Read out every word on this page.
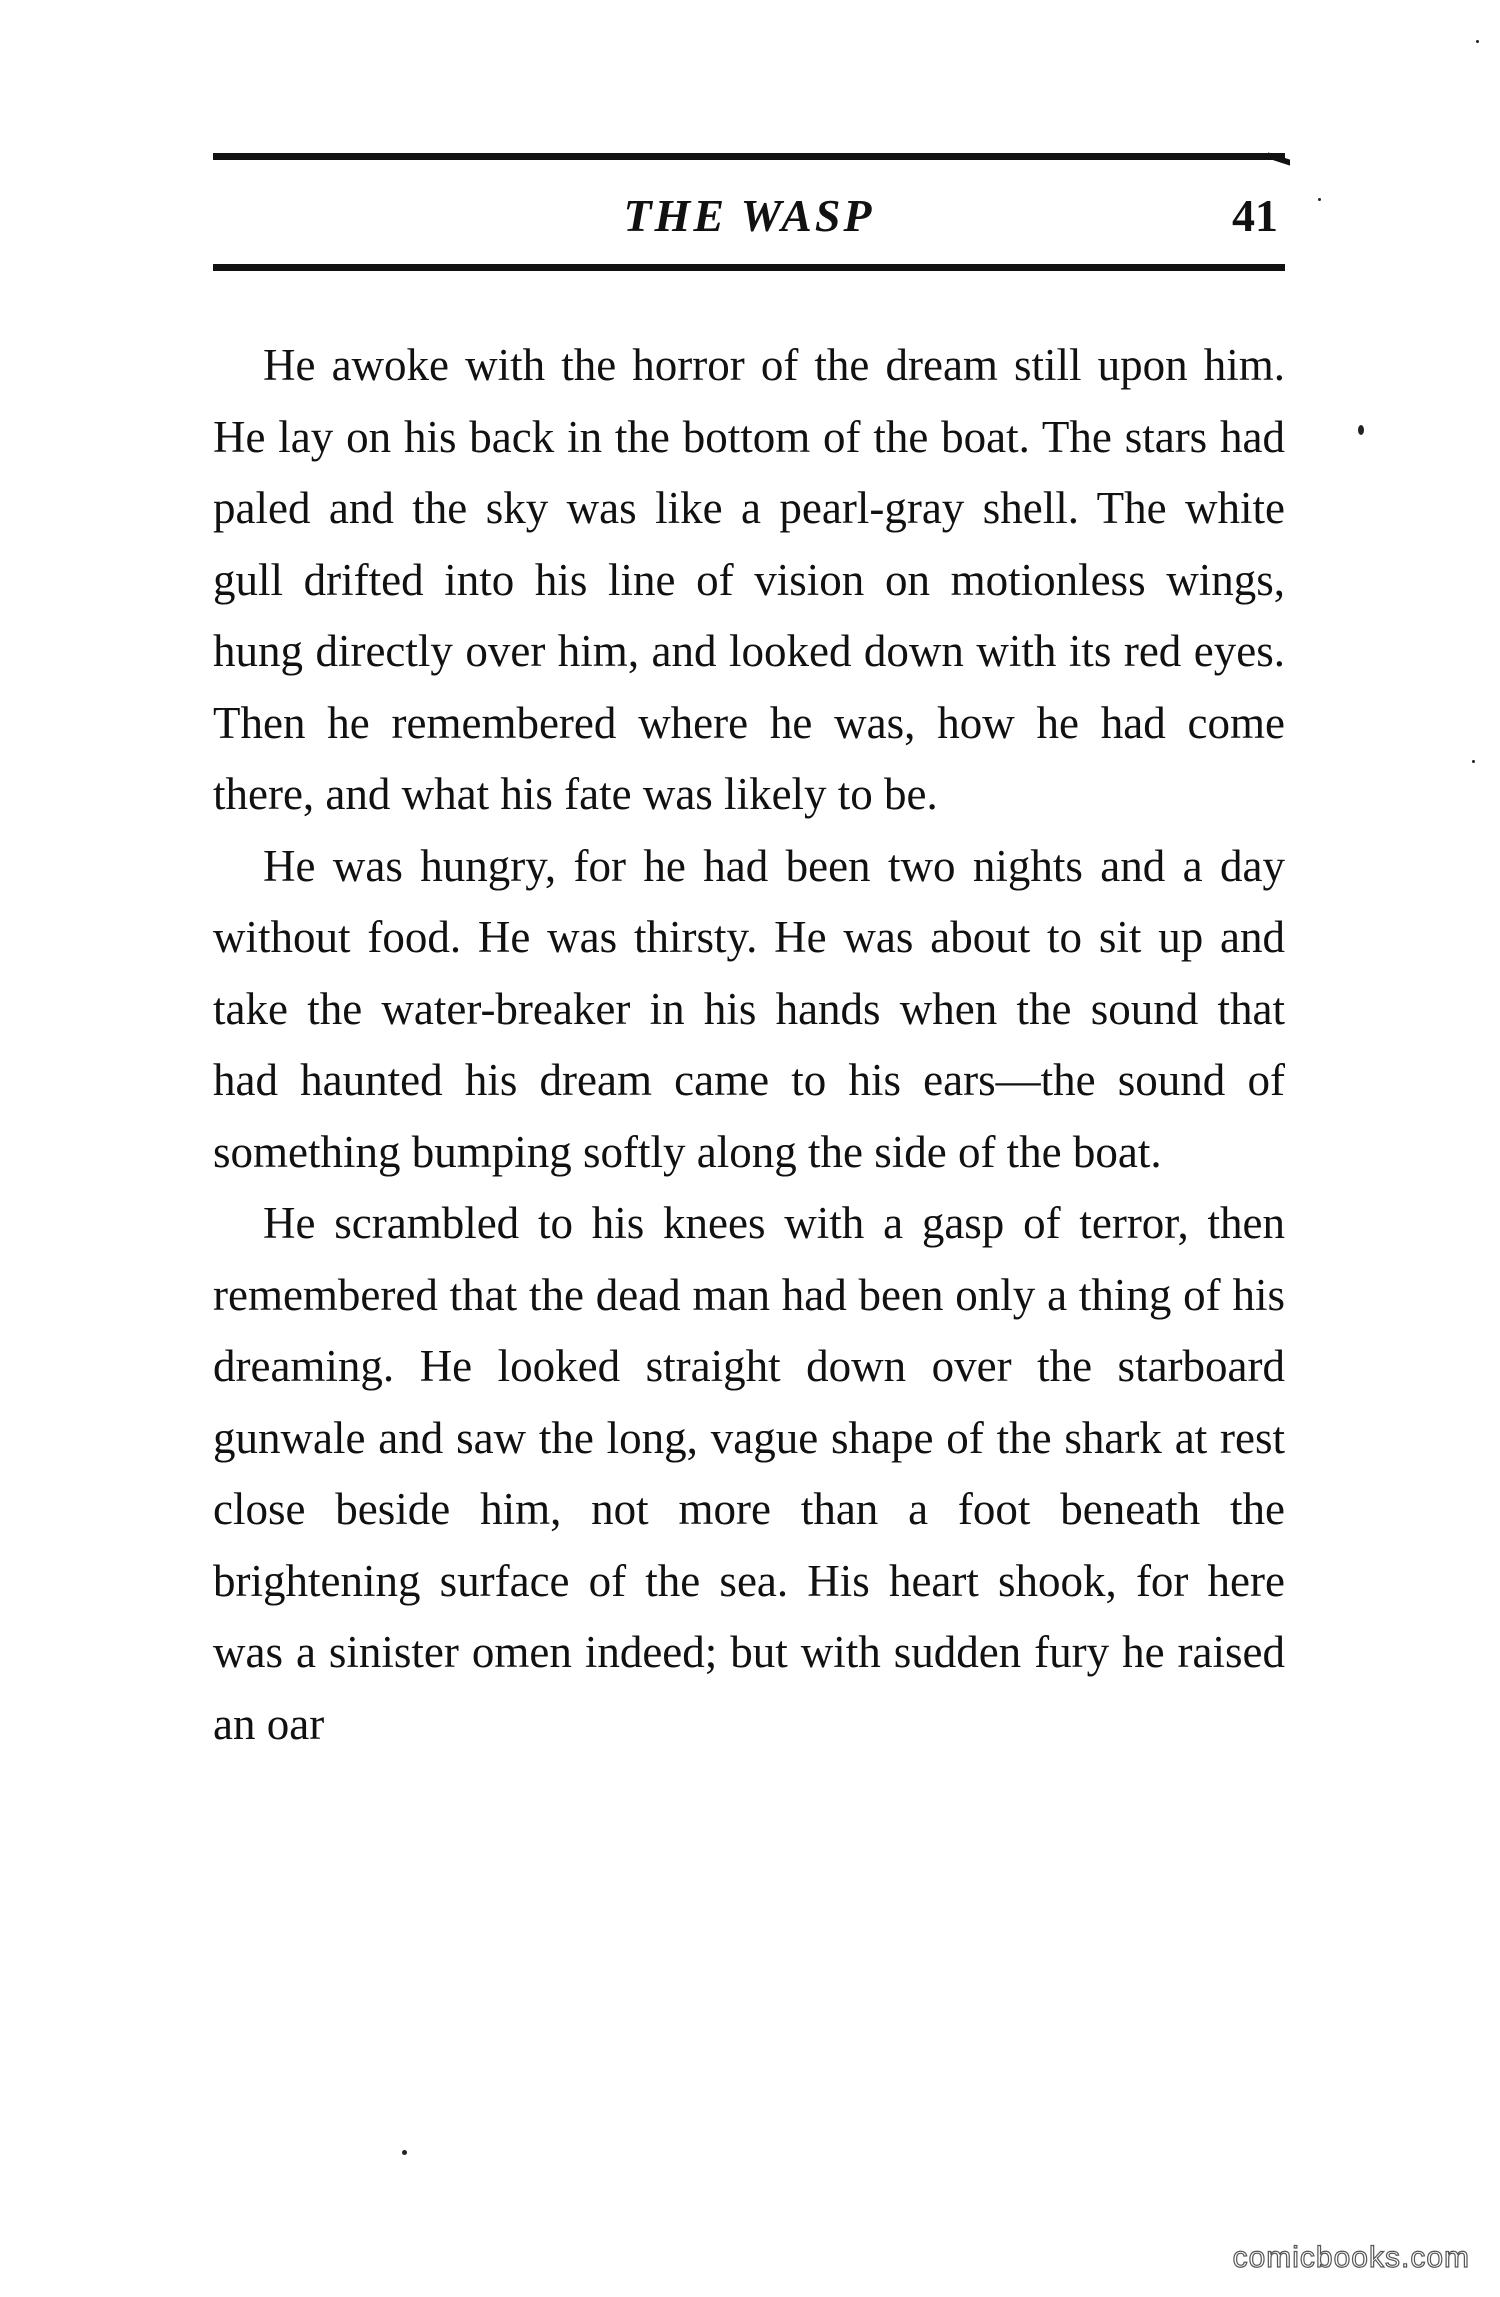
THE WASP	41

He awoke with the horror of the dream still upon him. He lay on his back in the bottom of the boat. The stars had paled and the sky was like a pearl-gray shell. The white gull drifted into his line of vision on motionless wings, hung directly over him, and looked down with its red eyes. Then he remembered where he was, how he had come there, and what his fate was likely to be.

He was hungry, for he had been two nights and a day without food. He was thirsty. He was about to sit up and take the water-breaker in his hands when the sound that had haunted his dream came to his ears—the sound of something bumping softly along the side of the boat.

He scrambled to his knees with a gasp of terror, then remembered that the dead man had been only a thing of his dreaming. He looked straight down over the starboard gunwale and saw the long, vague shape of the shark at rest close beside him, not more than a foot beneath the brightening surface of the sea. His heart shook, for here was a sinister omen indeed; but with sudden fury he raised an oar

comicbooks.com
